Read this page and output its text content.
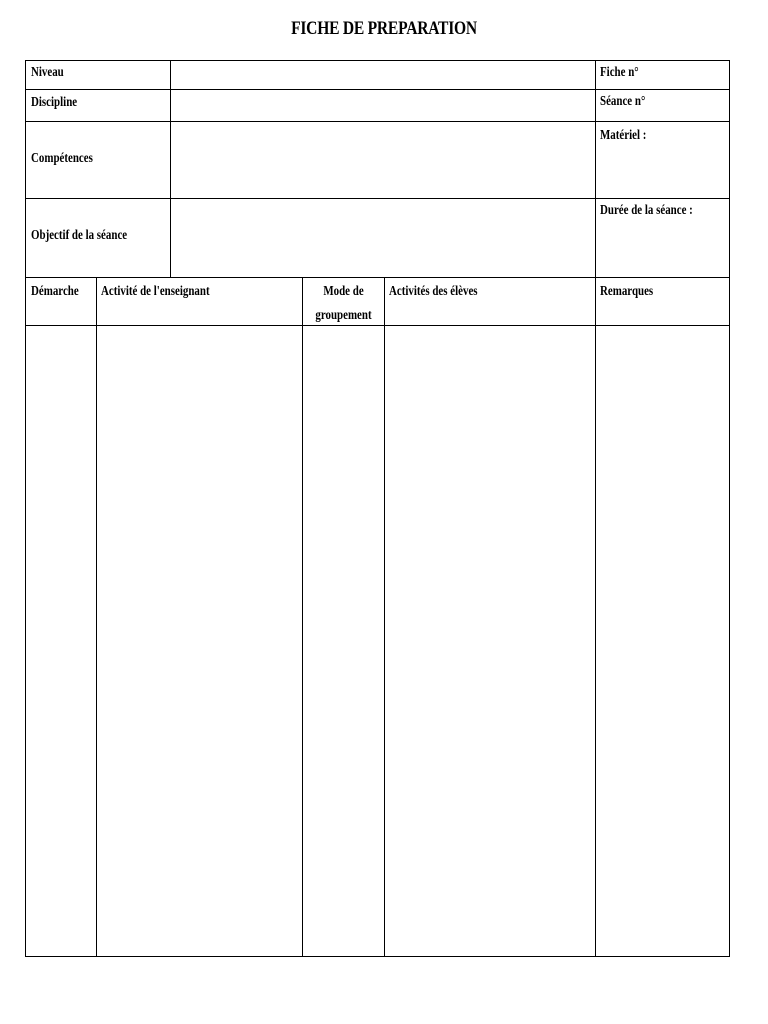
FICHE DE PREPARATION
Niveau
Discipline
Compétences
Objectif de la séance
Fiche n°
Séance n°
Matériel :
Durée de la séance :
Démarche Activité de l'enseignant	Mode de
groupement
Activités des élèves	Remarques
